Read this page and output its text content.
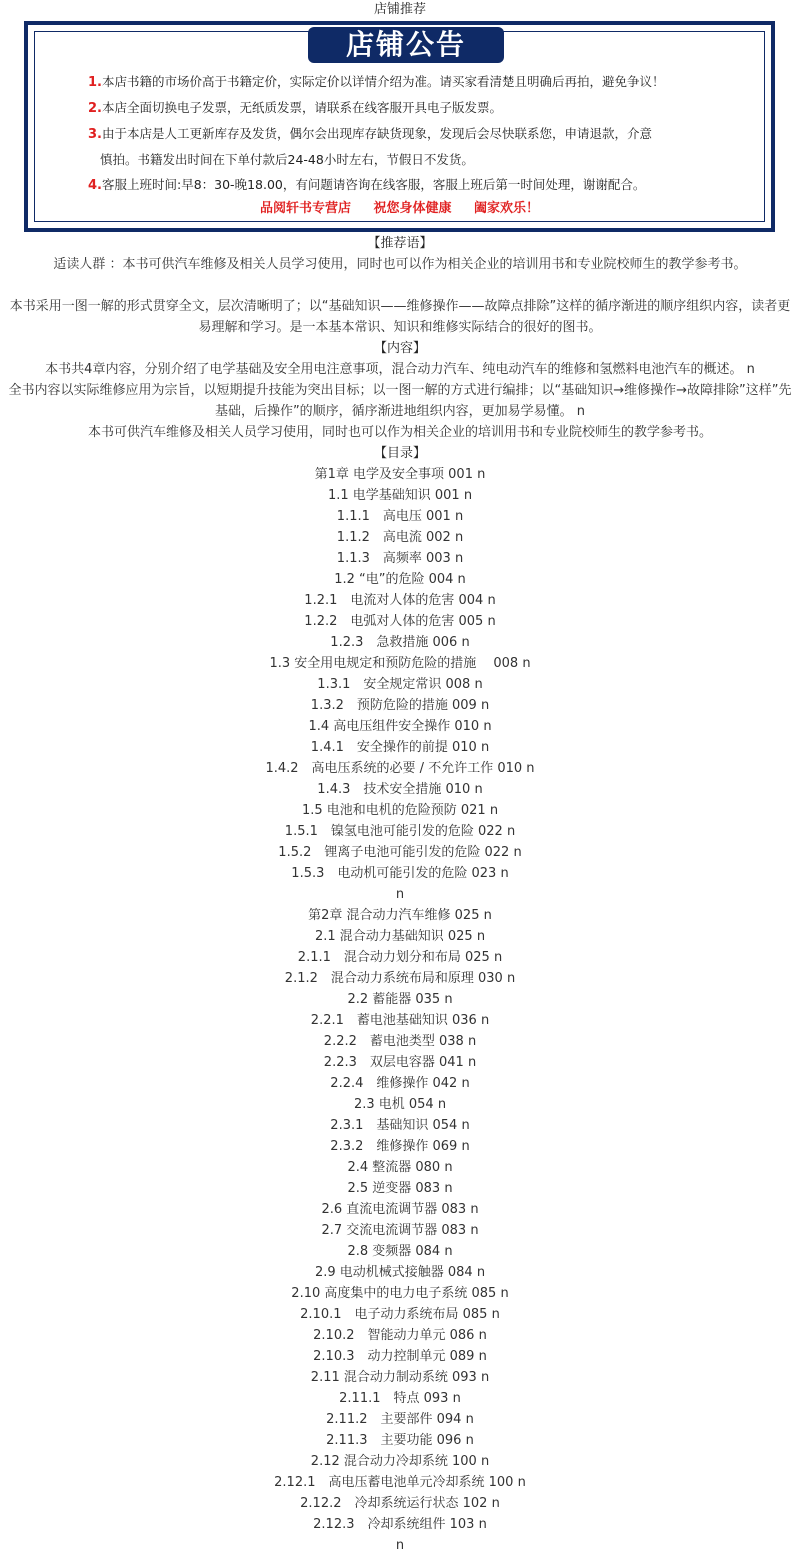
店铺推荐
店铺公告
1.本店书籍的市场价高于书籍定价，实际定价以详情介绍为准。请买家看清楚且明确后再拍，避免争议！
2.本店全面切换电子发票，无纸质发票，请联系在线客服开具电子版发票。
3.由于本店是人工更新库存及发货，偶尔会出现库存缺货现象，发现后会尽快联系您，申请退款，介意
慎拍。书籍发出时间在下单付款后24-48小时左右，节假日不发货。
4.客服上班时间:早8：30-晚18.00，有问题请咨询在线客服，客服上班后第一时间处理，谢谢配合。
品阅轩书专营店 祝您身体健康 阖家欢乐！
【推荐语】
适读人群 ：本书可供汽车维修及相关人员学习使用，同时也可以作为相关企业的培训用书和专业院校师生的教学参考书。
本书采用一图一解的形式贯穿全文，层次清晰明了；以“基础知识——维修操作——故障点排除”这样的循序渐进的顺序组织内容，读者更易理解和学习。是一本基本常识、知识和维修实际结合的很好的图书。
【内容】
本书共4章内容，分别介绍了电学基础及安全用电注意事项，混合动力汽车、纯电动汽车的维修和氢燃料电池汽车的概述。 n
全书内容以实际维修应用为宗旨，以短期提升技能为突出目标；以一图一解的方式进行编排；以“基础知识→维修操作→故障排除”这样”先基础，后操作”的顺序，循序渐进地组织内容，更加易学易懂。 n
本书可供汽车维修及相关人员学习使用，同时也可以作为相关企业的培训用书和专业院校师生的教学参考书。
【目录】
第1章 电学及安全事项 001 n
1.1 电学基础知识 001 n
1.1.1　高电压 001 n
1.1.2　高电流 002 n
1.1.3　高频率 003 n
1.2 “电”的危险 004 n
1.2.1　电流对人体的危害 004 n
1.2.2　电弧对人体的危害 005 n
1.2.3　急救措施 006 n
1.3 安全用电规定和预防危险的措施　 008 n
1.3.1　安全规定常识 008 n
1.3.2　预防危险的措施 009 n
1.4 高电压组件安全操作 010 n
1.4.1　安全操作的前提 010 n
1.4.2　高电压系统的必要 / 不允许工作 010 n
1.4.3　技术安全措施 010 n
1.5 电池和电机的危险预防 021 n
1.5.1　镍氢电池可能引发的危险 022 n
1.5.2　锂离子电池可能引发的危险 022 n
1.5.3　电动机可能引发的危险 023 n
n
第2章 混合动力汽车维修 025 n
2.1 混合动力基础知识 025 n
2.1.1　混合动力划分和布局 025 n
2.1.2　混合动力系统布局和原理 030 n
2.2 蓄能器 035 n
2.2.1　蓄电池基础知识 036 n
2.2.2　蓄电池类型 038 n
2.2.3　双层电容器 041 n
2.2.4　维修操作 042 n
2.3 电机 054 n
2.3.1　基础知识 054 n
2.3.2　维修操作 069 n
2.4 整流器 080 n
2.5 逆变器 083 n
2.6 直流电流调节器 083 n
2.7 交流电流调节器 083 n
2.8 变频器 084 n
2.9 电动机械式接触器 084 n
2.10 高度集中的电力电子系统 085 n
2.10.1　电子动力系统布局 085 n
2.10.2　智能动力单元 086 n
2.10.3　动力控制单元 089 n
2.11 混合动力制动系统 093 n
2.11.1　特点 093 n
2.11.2　主要部件 094 n
2.11.3　主要功能 096 n
2.12 混合动力冷却系统 100 n
2.12.1　高电压蓄电池单元冷却系统 100 n
2.12.2　冷却系统运行状态 102 n
2.12.3　冷却系统组件 103 n
n
